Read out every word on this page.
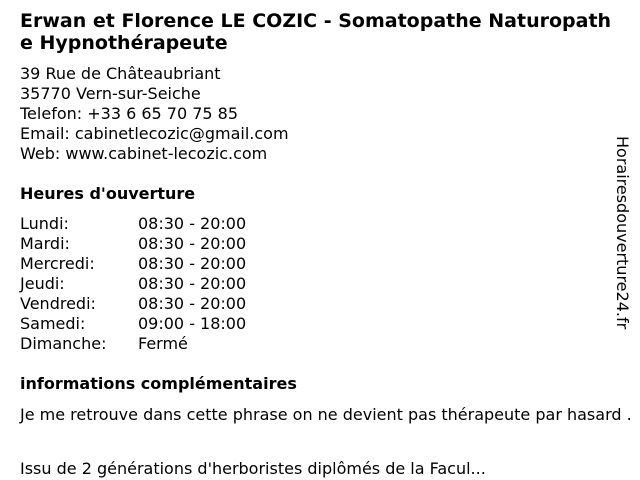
Erwan et Florence LE COZIC - Somatopathe Naturopathe Hypnothérapeute
39 Rue de Châteaubriant
35770 Vern-sur-Seiche
Telefon: +33 6 65 70 75 85
Email: cabinetlecozic@gmail.com
Web: www.cabinet-lecozic.com
Heures d'ouverture
Lundi:	08:30 - 20:00
Mardi:	08:30 - 20:00
Mercredi:	08:30 - 20:00
Jeudi:	08:30 - 20:00
Vendredi:	08:30 - 20:00
Samedi:	09:00 - 18:00
Dimanche:	Fermé
informations complémentaires
Je me retrouve dans cette phrase on ne devient pas thérapeute par hasard .
Issu de 2 générations d'herboristes diplômés de la Facul...
Horairesdouverture24.fr
